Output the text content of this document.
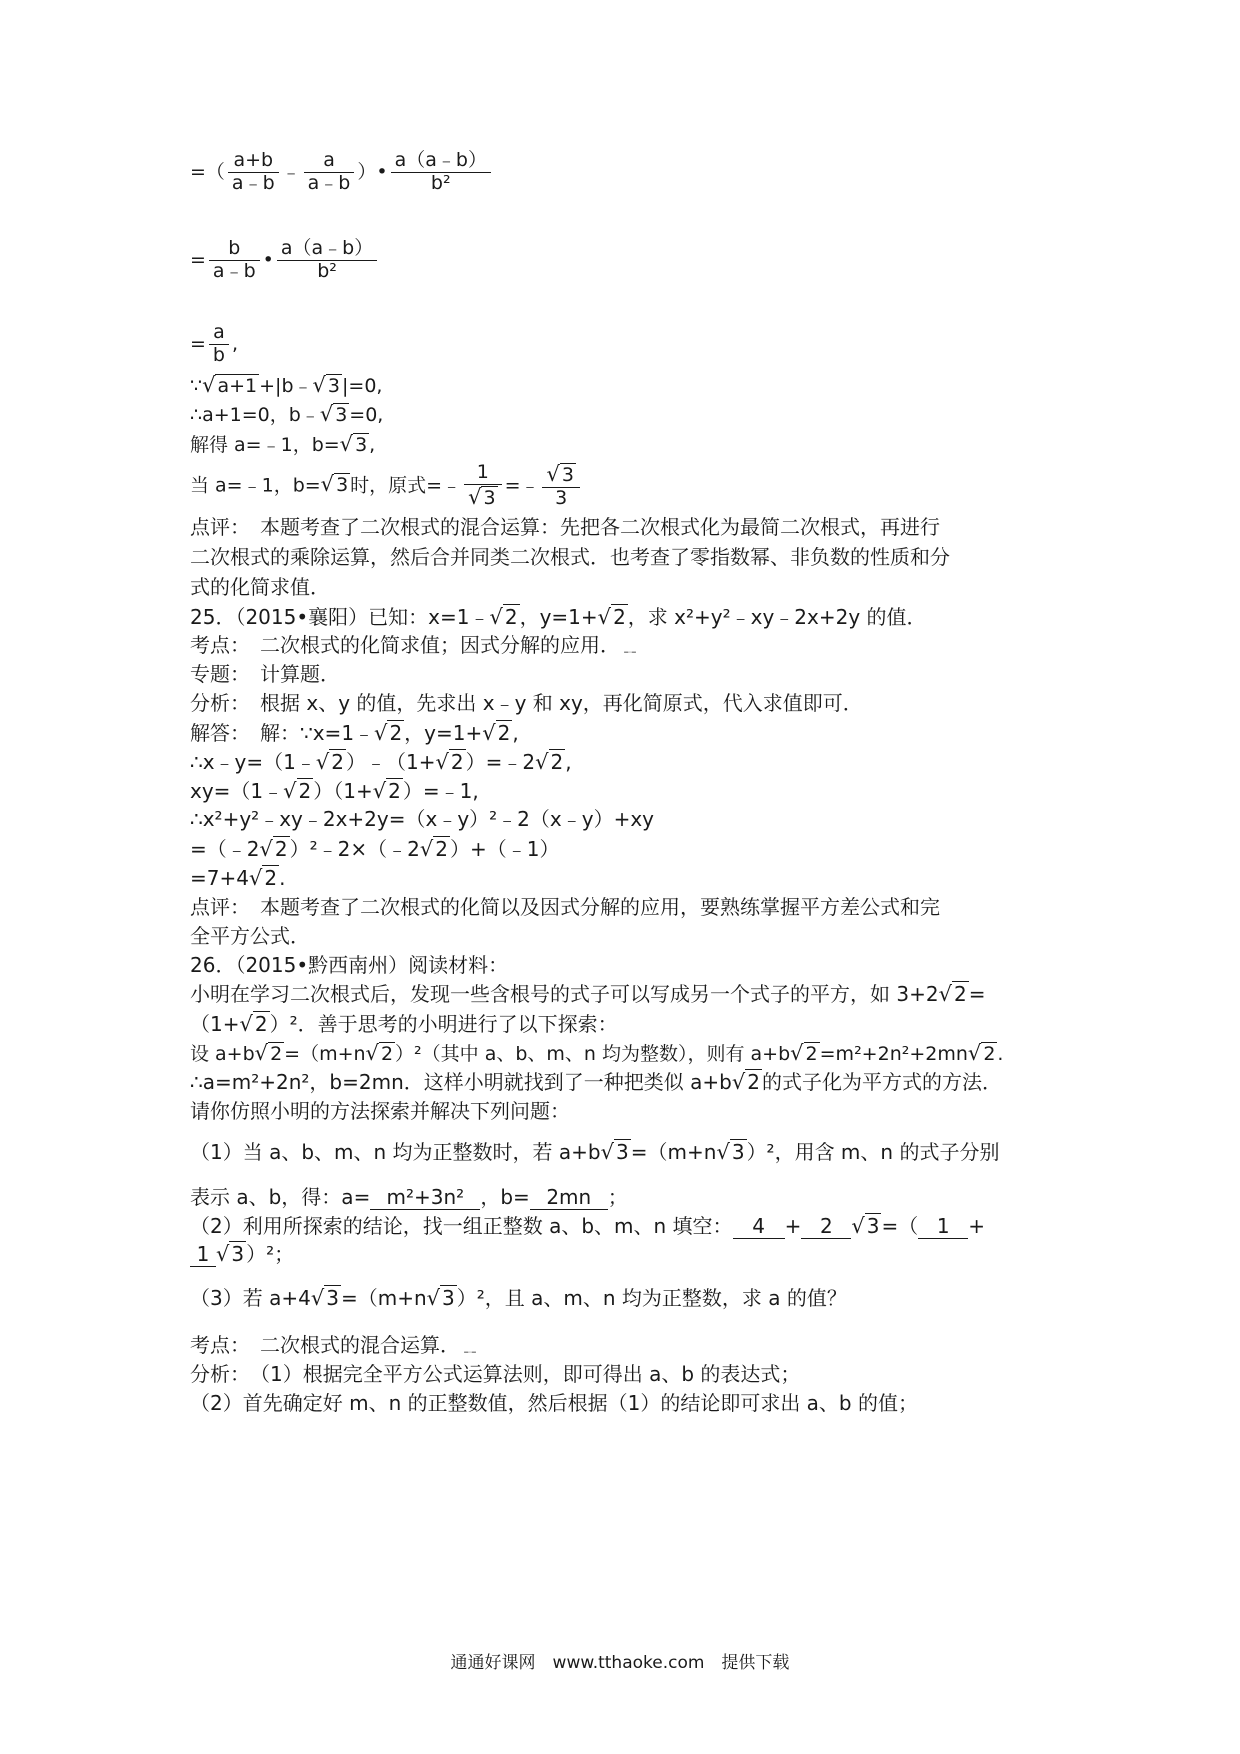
=（ $\frac{a+b}{a﹣b}$ ﹣ $\frac{a}{a﹣b}$ ）• $\frac{a(a﹣b)}{\text{b²}}$
= $\frac{b}{a﹣b}$ • $\frac{a(a﹣b)}{\text{b²}}$
= $\frac{a}{b}$ ,
∵√ a+1 +|b﹣√ 3 |=0,
∴a+1=0，b﹣√ 3 =0,
解得 a=﹣1，b=√ 3 ,
当 a=﹣1，b=√ 3 时，原式=﹣ $\frac{1}{√ 3}$ =﹣ $\frac{√ 3}{3}$
点评：　本题考查了二次根式的混合运算：先把各二次根式化为最简二次根式，再进行
二次根式的乘除运算，然后合并同类二次根式．也考查了零指数幂、非负数的性质和分
式的化简求值．
25．（2015•襄阳）已知：x=1﹣√ 2 ，y=1+√ 2 ，求 x²+y²﹣xy﹣2x+2y 的值．
考点：　二次根式的化简求值；因式分解的应用．﹎
专题：　计算题．
分析：　根据 x、y 的值，先求出 x﹣y 和 xy，再化简原式，代入求值即可．
解答：　解：∵x=1﹣√ 2 ，y=1+√ 2 ,
∴x﹣y=（1﹣√ 2 ）﹣（1+√ 2 ）=﹣2√ 2 ,
xy=（1﹣√ 2 ）（1+√ 2 ）=﹣1,
∴x²+y²﹣xy﹣2x+2y=（x﹣y）²﹣2（x﹣y）+xy
=（﹣2√ 2 ）²﹣2×（﹣2√ 2 ）+（﹣1）
=7+4√ 2 .
点评：　本题考查了二次根式的化简以及因式分解的应用，要熟练掌握平方差公式和完
全平方公式．
26．（2015•黔西南州）阅读材料：
小明在学习二次根式后，发现一些含根号的式子可以写成另一个式子的平方，如 3+2√ 2 =
（1+√ 2 ）²．善于思考的小明进行了以下探索：
设 a+b√ 2 =（m+n√ 2 ）²（其中 a、b、m、n 均为整数），则有 a+b√ 2 =m²+2n²+2mn√ 2 .
∴a=m²+2n²，b=2mn．这样小明就找到了一种把类似 a+b√ 2 的式子化为平方式的方法．
请你仿照小明的方法探索并解决下列问题：
（1）当 a、b、m、n 均为正整数时，若 a+b√ 3 =（m+n√ 3 ）²，用含 m、n 的式子分别
表示 a、b，得：a= m²+3n² ，b= 2mn ；
（2）利用所探索的结论，找一组正整数 a、b、m、n 填空： 4 + 2 √ 3 =（ 1 +
1 √ 3 ）²；
（3）若 a+4√ 3 =（m+n√ 3 ）²，且 a、m、n 均为正整数，求 a 的值？
考点：　二次根式的混合运算．﹎
分析：　（1）根据完全平方公式运算法则，即可得出 a、b 的表达式；
（2）首先确定好 m、n 的正整数值，然后根据（1）的结论即可求出 a、b 的值；
通通好课网　www.tthaoke.com　提供下载
